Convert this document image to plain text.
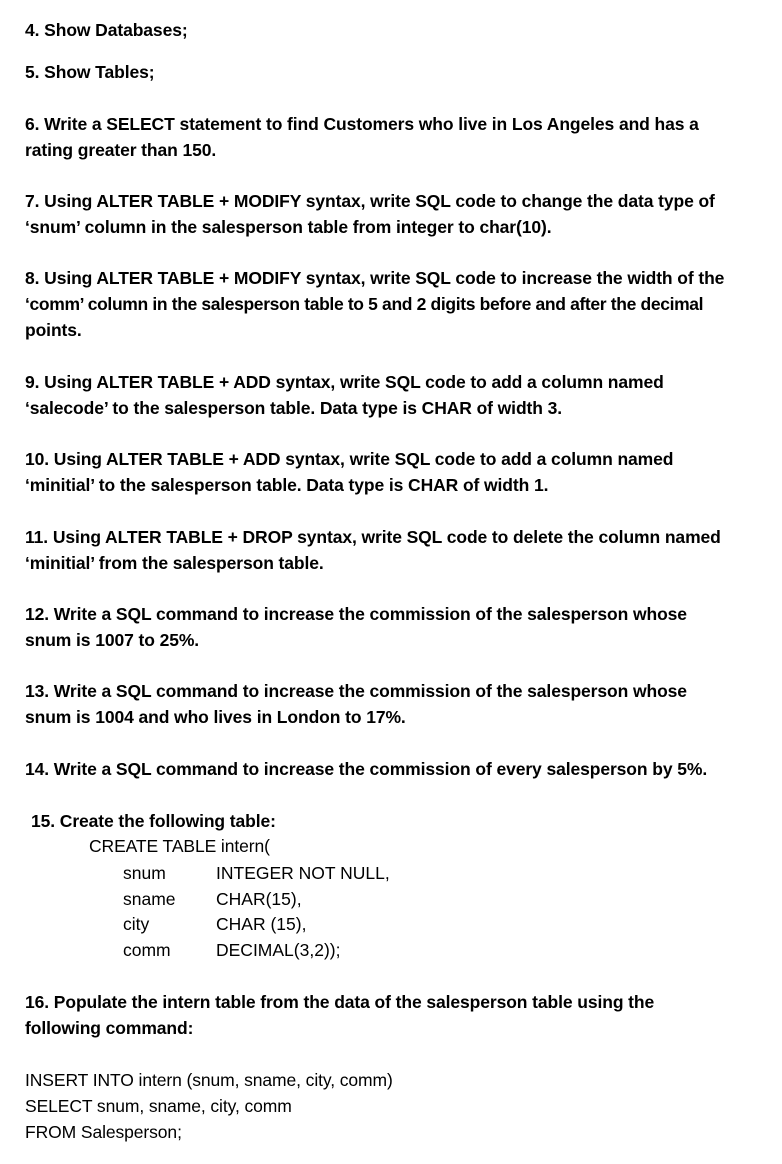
4. Show Databases;
5. Show Tables;
6. Write a SELECT statement to find Customers who live in Los Angeles and has a
rating greater than 150.
7. Using ALTER TABLE + MODIFY syntax, write SQL code to change the data type of
‘snum’ column in the salesperson table from integer to char(10).
8. Using ALTER TABLE + MODIFY syntax, write SQL code to increase the width of the
‘comm’ column in the salesperson table to 5 and 2 digits before and after the decimal
points.
9. Using ALTER TABLE + ADD syntax, write SQL code to add a column named
‘salecode’ to the salesperson table. Data type is CHAR of width 3.
10. Using ALTER TABLE + ADD syntax, write SQL code to add a column named
‘minitial’ to the salesperson table. Data type is CHAR of width 1.
11. Using ALTER TABLE + DROP syntax, write SQL code to delete the column named
‘minitial’ from the salesperson table.
12. Write a SQL command to increase the commission of the salesperson whose
snum is 1007 to 25%.
13. Write a SQL command to increase the commission of the salesperson whose
snum is 1004 and who lives in London to 17%.
14. Write a SQL command to increase the commission of every salesperson by 5%.
15. Create the following table:
CREATE TABLE intern(
snum	INTEGER NOT NULL,
sname CHAR(15),
city	CHAR (15),
comm	DECIMAL(3,2));
16. Populate the intern table from the data of the salesperson table using the
following command:
INSERT INTO intern (snum, sname, city, comm)
SELECT snum, sname, city, comm
FROM Salesperson;
